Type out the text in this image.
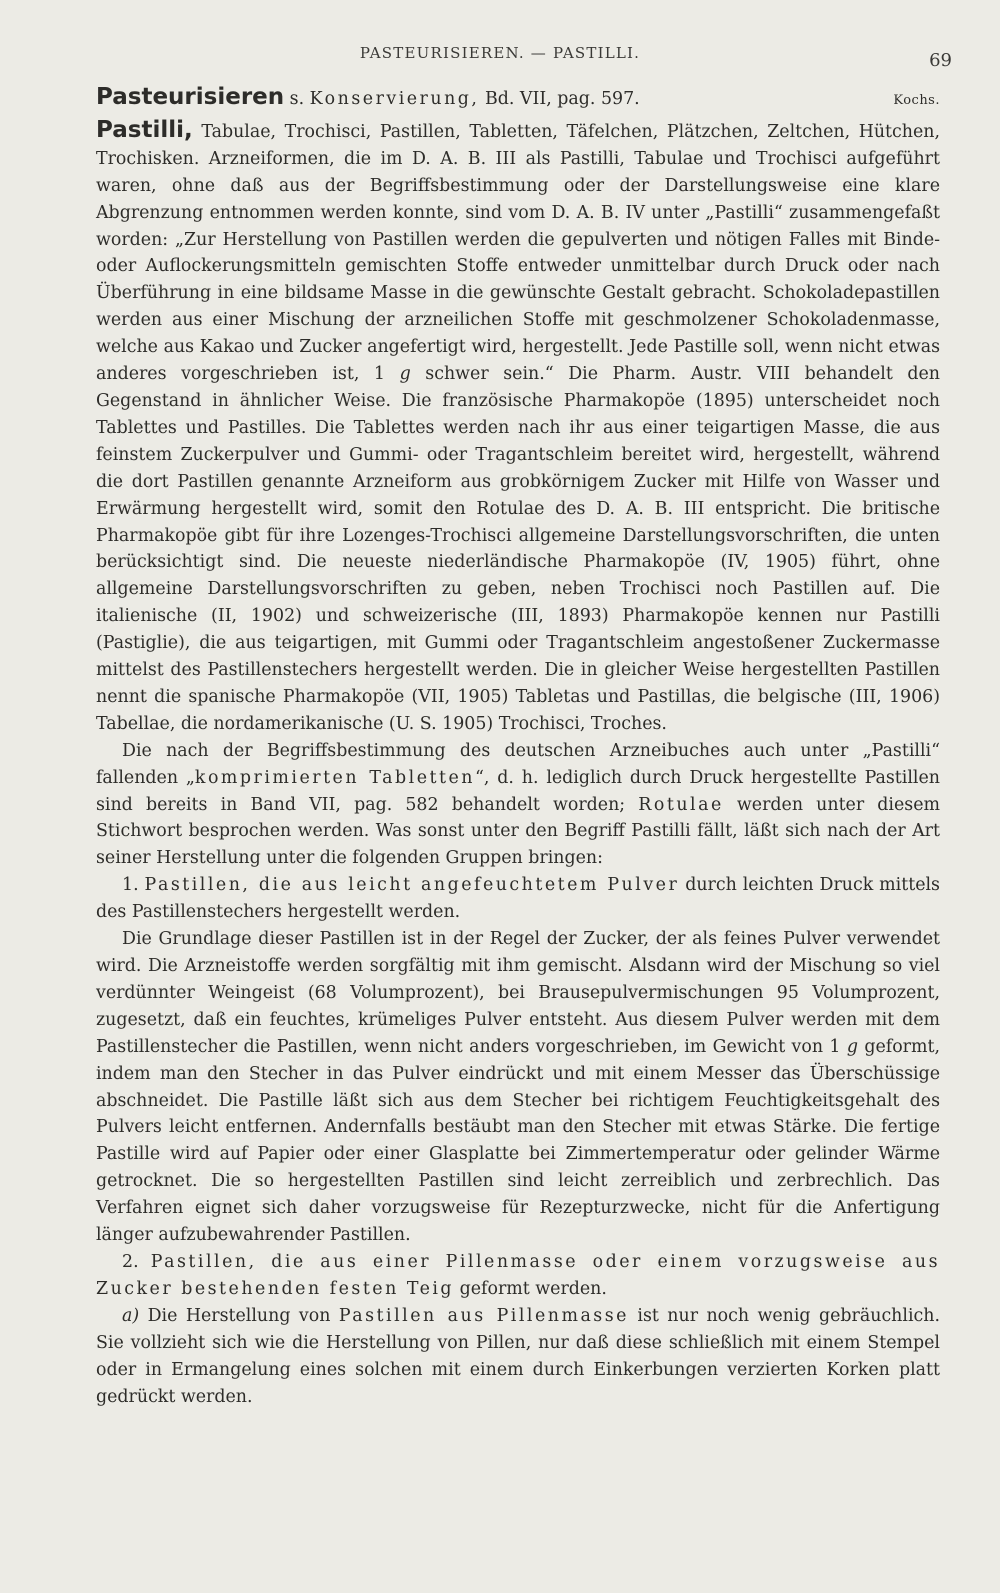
PASTEURISIEREN. — PASTILLI.	69
Pasteurisieren
s.
Konservierung,
Bd. VII, pag. 597.	Kochs.

Pastilli, Tabulae, Trochisci, Pastillen, Tabletten, Täfelchen, Plätzchen, Zeltchen, Hütchen, Trochisken. Arzneiformen, die im D. A. B. III als Pastilli, Tabulae und Trochisci aufgeführt waren, ohne daß aus der Begriffsbestimmung oder der Darstellungsweise eine klare Abgrenzung entnommen werden konnte, sind vom D. A. B. IV unter „Pastilli“ zusammengefaßt worden: „Zur Herstellung von Pastillen werden die gepulverten und nötigen Falles mit Binde- oder Auflockerungsmitteln gemischten Stoffe entweder unmittelbar durch Druck oder nach Überführung in eine bildsame Masse in die gewünschte Gestalt gebracht. Schokoladepastillen werden aus einer Mischung der arzneilichen Stoffe mit geschmolzener Schokoladenmasse, welche aus Kakao und Zucker angefertigt wird, hergestellt. Jede Pastille soll, wenn nicht etwas anderes vorgeschrieben ist, 1 g schwer sein.“ Die Pharm. Austr. VIII behandelt den Gegenstand in ähnlicher Weise. Die französische Pharmakopöe (1895) unterscheidet noch Tablettes und Pastilles. Die Tablettes werden nach ihr aus einer teigartigen Masse, die aus feinstem Zuckerpulver und Gummi- oder Tragantschleim bereitet wird, hergestellt, während die dort Pastillen genannte Arzneiform aus grobkörnigem Zucker mit Hilfe von Wasser und Erwärmung hergestellt wird, somit den Rotulae des D. A. B. III entspricht. Die britische Pharmakopöe gibt für ihre Lozenges-Trochisci allgemeine Darstellungsvorschriften, die unten berücksichtigt sind. Die neueste niederländische Pharmakopöe (IV, 1905) führt, ohne allgemeine Darstellungsvorschriften zu geben, neben Trochisci noch Pastillen auf. Die italienische (II, 1902) und schweizerische (III, 1893) Pharmakopöe kennen nur Pastilli (Pastiglie), die aus teigartigen, mit Gummi oder Tragantschleim angestoßener Zuckermasse mittelst des Pastillenstechers hergestellt werden. Die in gleicher Weise hergestellten Pastillen nennt die spanische Pharmakopöe (VII, 1905) Tabletas und Pastillas, die belgische (III, 1906) Tabellae, die nordamerikanische (U. S. 1905) Trochisci, Troches.

Die nach der Begriffsbestimmung des deutschen Arzneibuches auch unter „Pastilli“ fallenden „komprimierten Tabletten“, d. h. lediglich durch Druck hergestellte Pastillen sind bereits in Band VII, pag. 582 behandelt worden; Rotulae werden unter diesem Stichwort besprochen werden. Was sonst unter den Begriff Pastilli fällt, läßt sich nach der Art seiner Herstellung unter die folgenden Gruppen bringen:

1. Pastillen, die aus leicht angefeuchtetem Pulver durch leichten Druck mittels des Pastillenstechers hergestellt werden.

Die Grundlage dieser Pastillen ist in der Regel der Zucker, der als feines Pulver verwendet wird. Die Arzneistoffe werden sorgfältig mit ihm gemischt. Alsdann wird der Mischung so viel verdünnter Weingeist (68 Volumprozent), bei Brausepulvermischungen 95 Volumprozent, zugesetzt, daß ein feuchtes, krümeliges Pulver entsteht. Aus diesem Pulver werden mit dem Pastillenstecher die Pastillen, wenn nicht anders vorgeschrieben, im Gewicht von 1 g geformt, indem man den Stecher in das Pulver eindrückt und mit einem Messer das Überschüssige abschneidet. Die Pastille läßt sich aus dem Stecher bei richtigem Feuchtigkeitsgehalt des Pulvers leicht entfernen. Andernfalls bestäubt man den Stecher mit etwas Stärke. Die fertige Pastille wird auf Papier oder einer Glasplatte bei Zimmertemperatur oder gelinder Wärme getrocknet. Die so hergestellten Pastillen sind leicht zerreiblich und zerbrechlich. Das Verfahren eignet sich daher vorzugsweise für Rezepturzwecke, nicht für die Anfertigung länger aufzubewahrender Pastillen.

2. Pastillen, die aus einer Pillenmasse oder einem vorzugsweise aus Zucker bestehenden festen Teig geformt werden.

a) Die Herstellung von Pastillen aus Pillenmasse ist nur noch wenig gebräuchlich. Sie vollzieht sich wie die Herstellung von Pillen, nur daß diese schließlich mit einem Stempel oder in Ermangelung eines solchen mit einem durch Einkerbungen verzierten Korken platt gedrückt werden.
